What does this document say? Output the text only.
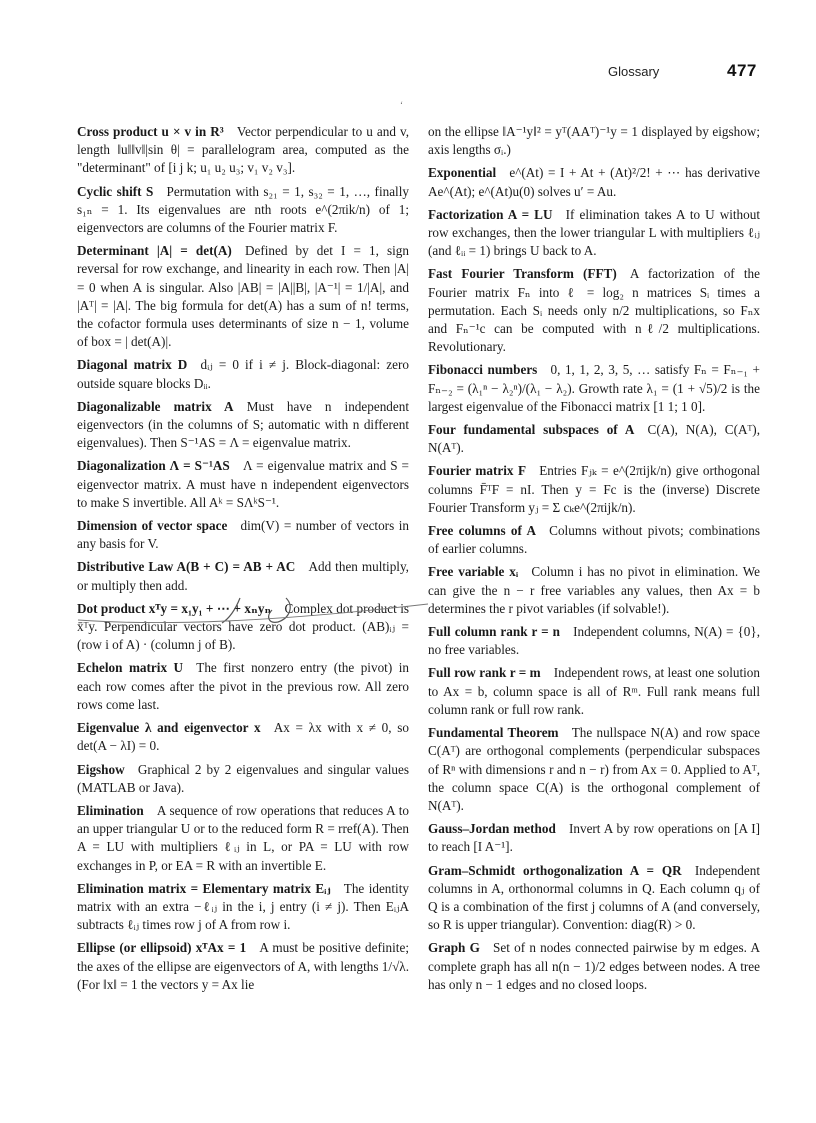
Glossary	477
ʻ

Cross product u × v in R³  Vector perpendicular to u and v, length ‖u‖‖v‖|sin θ| = parallelogram area, computed as the "determinant" of [i j k; u₁ u₂ u₃; v₁ v₂ v₃].

Cyclic shift S  Permutation with s₂₁ = 1, s₃₂ = 1, …, finally s₁ₙ = 1. Its eigenvalues are nth roots e^(2πik/n) of 1; eigenvectors are columns of the Fourier matrix F.

Determinant |A| = det(A)  Defined by det I = 1, sign reversal for row exchange, and linearity in each row. Then |A| = 0 when A is singular. Also |AB| = |A||B|, |A⁻¹| = 1/|A|, and |Aᵀ| = |A|. The big formula for det(A) has a sum of n! terms, the cofactor formula uses determinants of size n − 1, volume of box = | det(A)|.

Diagonal matrix D  dᵢⱼ = 0 if i ≠ j. Block-diagonal: zero outside square blocks Dᵢᵢ.

Diagonalizable matrix A  Must have n independent eigenvectors (in the columns of S; automatic with n different eigenvalues). Then S⁻¹AS = Λ = eigenvalue matrix.

Diagonalization Λ = S⁻¹AS  Λ = eigenvalue matrix and S = eigenvector matrix. A must have n independent eigenvectors to make S invertible. All Aᵏ = SΛᵏS⁻¹.

Dimension of vector space  dim(V) = number of vectors in any basis for V.

Distributive Law A(B + C) = AB + AC  Add then multiply, or multiply then add.

Dot product xᵀy = x₁y₁ + ⋯ + xₙyₙ  Complex dot product is x̄ᵀy. Perpendicular vectors have zero dot product. (AB)ᵢⱼ = (row i of A) · (column j of B).

Echelon matrix U  The first nonzero entry (the pivot) in each row comes after the pivot in the previous row. All zero rows come last.

Eigenvalue λ and eigenvector x  Ax = λx with x ≠ 0, so det(A − λI) = 0.

Eigshow  Graphical 2 by 2 eigenvalues and singular values (MATLAB or Java).

Elimination  A sequence of row operations that reduces A to an upper triangular U or to the reduced form R = rref(A). Then A = LU with multipliers ℓᵢⱼ in L, or PA = LU with row exchanges in P, or EA = R with an invertible E.

Elimination matrix = Elementary matrix Eᵢⱼ  The identity matrix with an extra −ℓᵢⱼ in the i, j entry (i ≠ j). Then EᵢⱼA subtracts ℓᵢⱼ times row j of A from row i.

Ellipse (or ellipsoid) xᵀAx = 1  A must be positive definite; the axes of the ellipse are eigenvectors of A, with lengths 1/√λ. (For ‖x‖ = 1 the vectors y = Ax lie

on the ellipse ‖A⁻¹y‖² = yᵀ(AAᵀ)⁻¹y = 1 displayed by eigshow; axis lengths σᵢ.)

Exponential  e^(At) = I + At + (At)²/2! + ⋯ has derivative Ae^(At); e^(At)u(0) solves u′ = Au.

Factorization A = LU  If elimination takes A to U without row exchanges, then the lower triangular L with multipliers ℓᵢⱼ (and ℓᵢᵢ = 1) brings U back to A.

Fast Fourier Transform (FFT)  A factorization of the Fourier matrix Fₙ into ℓ = log₂ n matrices Sᵢ times a permutation. Each Sᵢ needs only n/2 multiplications, so Fₙx and Fₙ⁻¹c can be computed with nℓ/2 multiplications. Revolutionary.

Fibonacci numbers  0, 1, 1, 2, 3, 5, … satisfy Fₙ = Fₙ₋₁ + Fₙ₋₂ = (λ₁ⁿ − λ₂ⁿ)/(λ₁ − λ₂). Growth rate λ₁ = (1 + √5)/2 is the largest eigenvalue of the Fibonacci matrix [1 1; 1 0].

Four fundamental subspaces of A  C(A), N(A), C(Aᵀ), N(Aᵀ).

Fourier matrix F  Entries Fⱼₖ = e^(2πijk/n) give orthogonal columns F̄ᵀF = nI. Then y = Fc is the (inverse) Discrete Fourier Transform yⱼ = Σ cₖe^(2πijk/n).

Free columns of A  Columns without pivots; combinations of earlier columns.

Free variable xᵢ  Column i has no pivot in elimination. We can give the n − r free variables any values, then Ax = b determines the r pivot variables (if solvable!).

Full column rank r = n  Independent columns, N(A) = {0}, no free variables.

Full row rank r = m  Independent rows, at least one solution to Ax = b, column space is all of Rᵐ. Full rank means full column rank or full row rank.

Fundamental Theorem  The nullspace N(A) and row space C(Aᵀ) are orthogonal complements (perpendicular subspaces of Rⁿ with dimensions r and n − r) from Ax = 0. Applied to Aᵀ, the column space C(A) is the orthogonal complement of N(Aᵀ).

Gauss–Jordan method  Invert A by row operations on [A I] to reach [I A⁻¹].

Gram–Schmidt orthogonalization A = QR  Independent columns in A, orthonormal columns in Q. Each column qⱼ of Q is a combination of the first j columns of A (and conversely, so R is upper triangular). Convention: diag(R) > 0.

Graph G  Set of n nodes connected pairwise by m edges. A complete graph has all n(n − 1)/2 edges between nodes. A tree has only n − 1 edges and no closed loops.
